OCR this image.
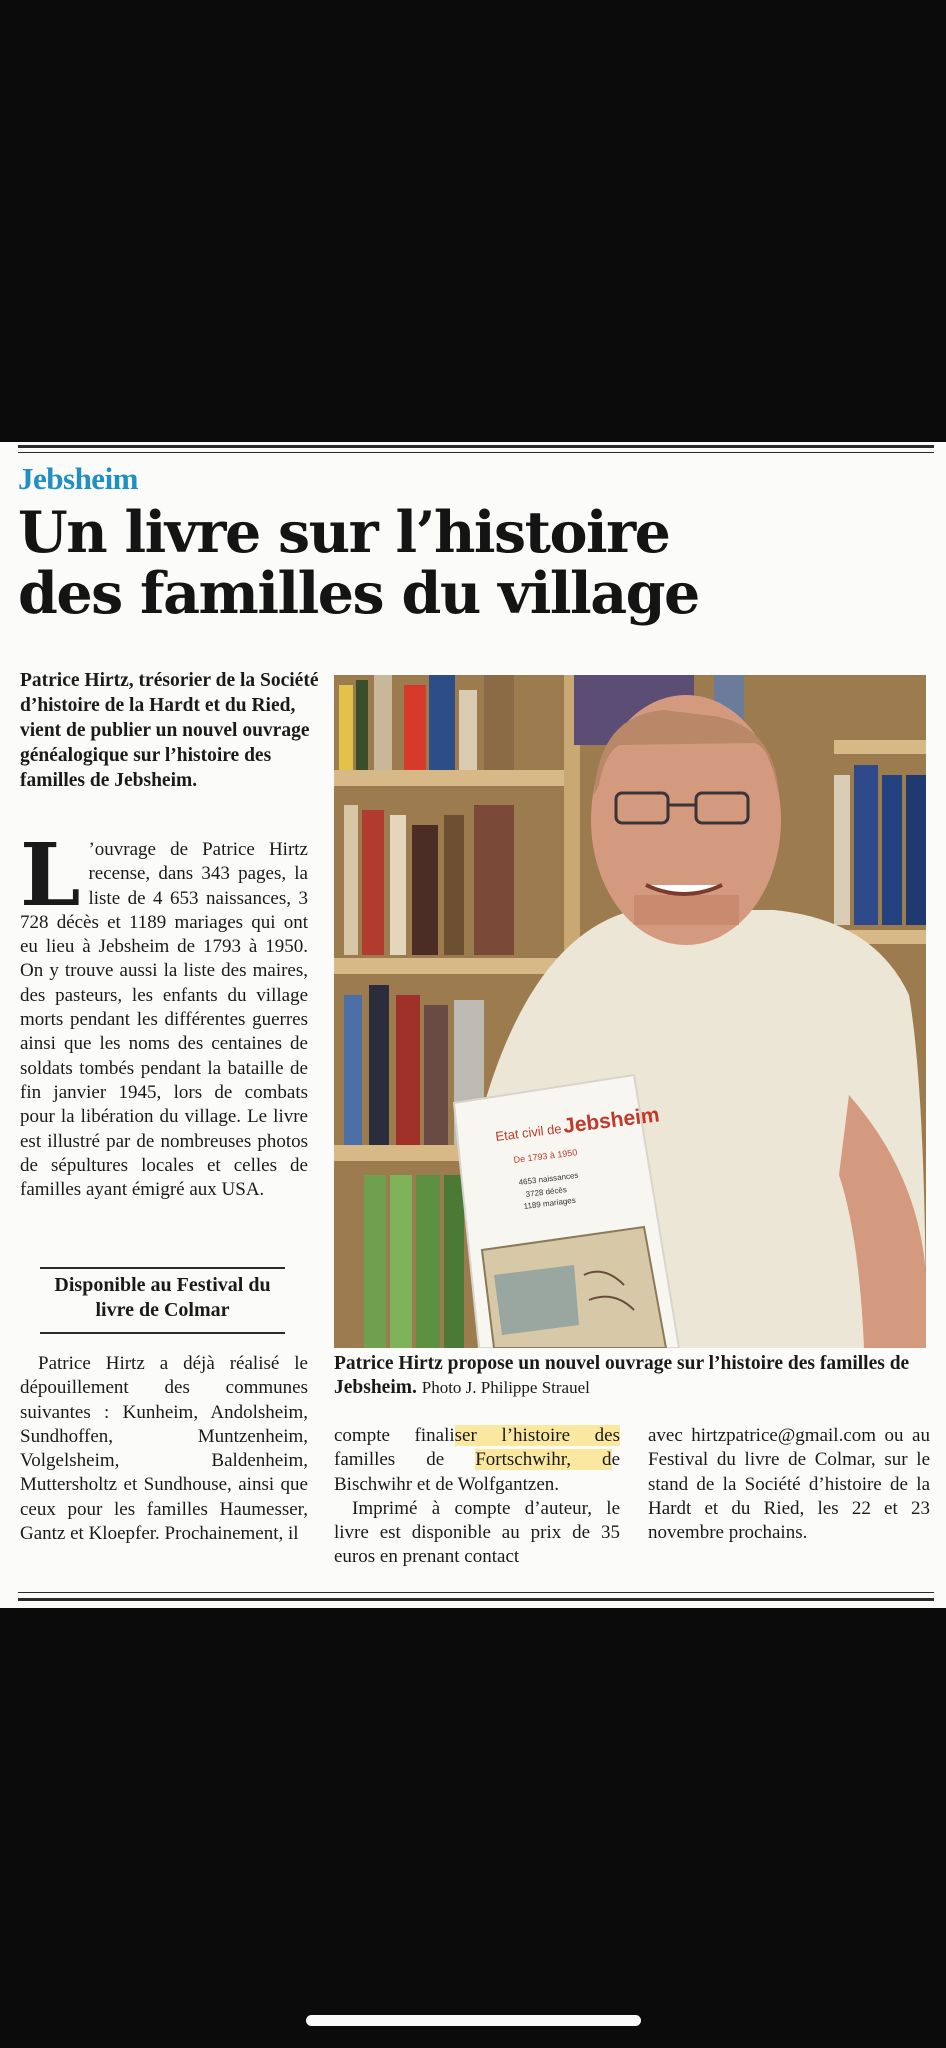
Jebsheim

Un livre sur l’histoire
des familles du village

Patrice Hirtz, trésorier de la Société d’histoire de la Hardt et du Ried, vient de publier un nouvel ouvrage généalogique sur l’histoire des familles de Jebsheim.

L ’ouvrage de Patrice Hirtz recense, dans 343 pages, la liste de 4 653 naissances, 3 728 décès et 1189 mariages qui ont eu lieu à Jebsheim de 1793 à 1950. On y trouve aussi la liste des maires, des pasteurs, les enfants du village morts pendant les différentes guerres ainsi que les noms des centaines de soldats tombés pendant la bataille de fin janvier 1945, lors de combats pour la libération du village. Le livre est illustré par de nombreuses photos de sépultures locales et celles de familles ayant émigré aux USA.

Disponible au Festival du livre de Colmar

Patrice Hirtz a déjà réalisé le dépouillement des communes suivantes : Kunheim, Andolsheim, Sundhoffen, Muntzenheim, Volgelsheim, Baldenheim, Muttersholtz et Sundhouse, ainsi que ceux pour les familles Haumesser, Gantz et Kloepfer. Prochainement, il

Etat civil de Jebsheim
De 1793 à 1950
4653 naissances
3728 décès
1189 mariages

Patrice Hirtz propose un nouvel ouvrage sur l’histoire des familles de Jebsheim. Photo J. Philippe Strauel

compte finaliser l’histoire des familles de Fortschwihr, de Bischwihr et de Wolfgantzen.

Imprimé à compte d’auteur, le livre est disponible au prix de 35 euros en prenant contact

avec hirtzpatrice@gmail.com ou au Festival du livre de Colmar, sur le stand de la Société d’histoire de la Hardt et du Ried, les 22 et 23 novembre prochains.
